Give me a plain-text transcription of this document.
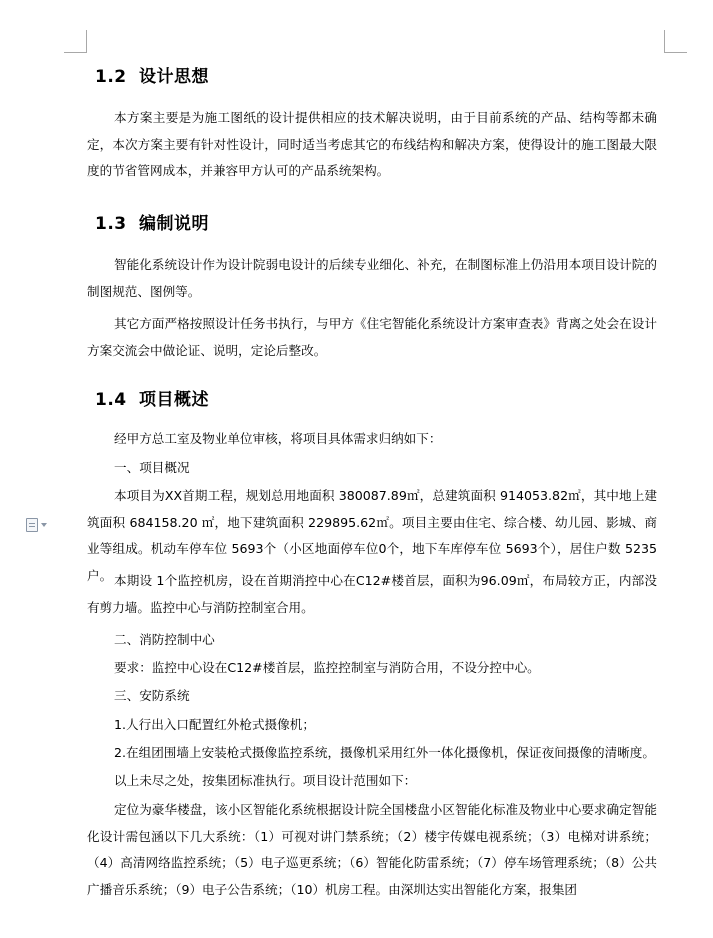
1.2 设计思想

本方案主要是为施工图纸的设计提供相应的技术解决说明，由于目前系统的产品、结构等都未确定，本次方案主要有针对性设计，同时适当考虑其它的布线结构和解决方案，使得设计的施工图最大限度的节省管网成本，并兼容甲方认可的产品系统架构。

1.3 编制说明

智能化系统设计作为设计院弱电设计的后续专业细化、补充，在制图标准上仍沿用本项目设计院的制图规范、图例等。

其它方面严格按照设计任务书执行，与甲方《住宅智能化系统设计方案审查表》背离之处会在设计方案交流会中做论证、说明，定论后整改。

1.4 项目概述

经甲方总工室及物业单位审核，将项目具体需求归纳如下：

一、项目概况

本项目为XX首期工程，规划总用地面积 380087.89㎡，总建筑面积 914053.82㎡，其中地上建筑面积 684158.20 ㎡，地下建筑面积 229895.62㎡。项目主要由住宅、综合楼、幼儿园、影城、商业等组成。机动车停车位 5693个（小区地面停车位0个，地下车库停车位 5693个），居住户数 5235户。 本期设 1个监控机房，设在首期消控中心在C12#楼首层，面积为96.09㎡，布局较方正，内部没有剪力墙。监控中心与消防控制室合用。

二、消防控制中心

要求：监控中心设在C12#楼首层，监控控制室与消防合用，不设分控中心。

三、安防系统

1.人行出入口配置红外枪式摄像机；

2.在组团围墙上安装枪式摄像监控系统，摄像机采用红外一体化摄像机，保证夜间摄像的清晰度。

以上未尽之处，按集团标准执行。项目设计范围如下：

定位为豪华楼盘，该小区智能化系统根据设计院全国楼盘小区智能化标准及物业中心要求确定智能化设计需包涵以下几大系统：（1）可视对讲门禁系统；（2）楼宇传媒电视系统；（3）电梯对讲系统；（4）高清网络监控系统；（5）电子巡更系统；（6）智能化防雷系统；（7）停车场管理系统；（8）公共广播音乐系统；（9）电子公告系统；（10）机房工程。由深圳达实出智能化方案，报集团
